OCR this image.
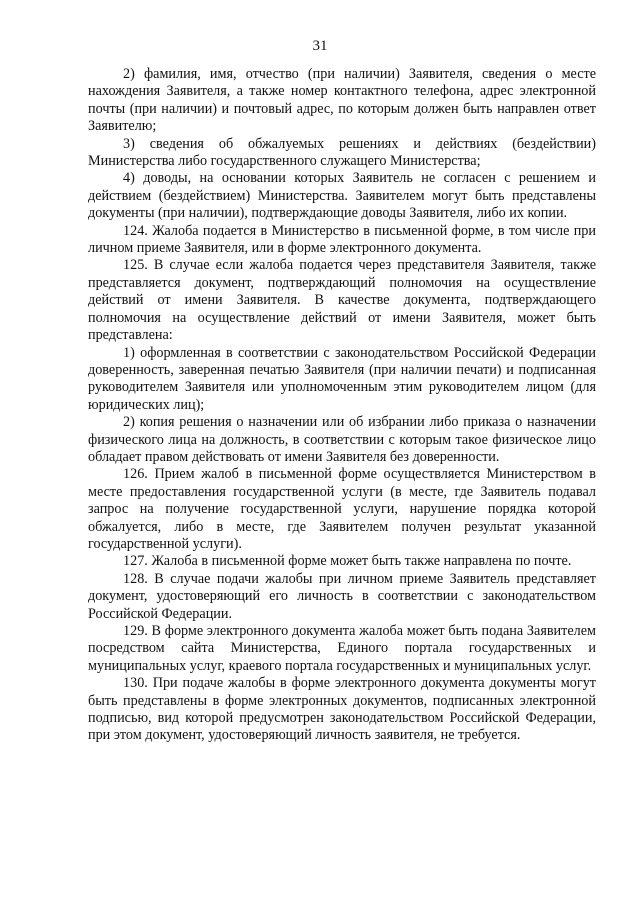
31

2) фамилия, имя, отчество (при наличии) Заявителя, сведения о месте нахождения Заявителя, а также номер контактного телефона, адрес электронной почты (при наличии) и почтовый адрес, по которым должен быть направлен ответ Заявителю;

3) сведения об обжалуемых решениях и действиях (бездействии) Министерства либо государственного служащего Министерства;

4) доводы, на основании которых Заявитель не согласен с решением и действием (бездействием) Министерства. Заявителем могут быть представлены документы (при наличии), подтверждающие доводы Заявителя, либо их копии.

124. Жалоба подается в Министерство в письменной форме, в том числе при личном приеме Заявителя, или в форме электронного документа.

125. В случае если жалоба подается через представителя Заявителя, также представляется документ, подтверждающий полномочия на осуществление действий от имени Заявителя. В качестве документа, подтверждающего полномочия на осуществление действий от имени Заявителя, может быть представлена:

1) оформленная в соответствии с законодательством Российской Федерации доверенность, заверенная печатью Заявителя (при наличии печати) и подписанная руководителем Заявителя или уполномоченным этим руководителем лицом (для юридических лиц);

2) копия решения о назначении или об избрании либо приказа о назначении физического лица на должность, в соответствии с которым такое физическое лицо обладает правом действовать от имени Заявителя без доверенности.

126. Прием жалоб в письменной форме осуществляется Министерством в месте предоставления государственной услуги (в месте, где Заявитель подавал запрос на получение государственной услуги, нарушение порядка которой обжалуется, либо в месте, где Заявителем получен результат указанной государственной услуги).

127. Жалоба в письменной форме может быть также направлена по почте.

128. В случае подачи жалобы при личном приеме Заявитель представляет документ, удостоверяющий его личность в соответствии с законодательством Российской Федерации.

129. В форме электронного документа жалоба может быть подана Заявителем посредством сайта Министерства, Единого портала государственных и муниципальных услуг, краевого портала государственных и муниципальных услуг.

130. При подаче жалобы в форме электронного документа документы могут быть представлены в форме электронных документов, подписанных электронной подписью, вид которой предусмотрен законодательством Российской Федерации, при этом документ, удостоверяющий личность заявителя, не требуется.
